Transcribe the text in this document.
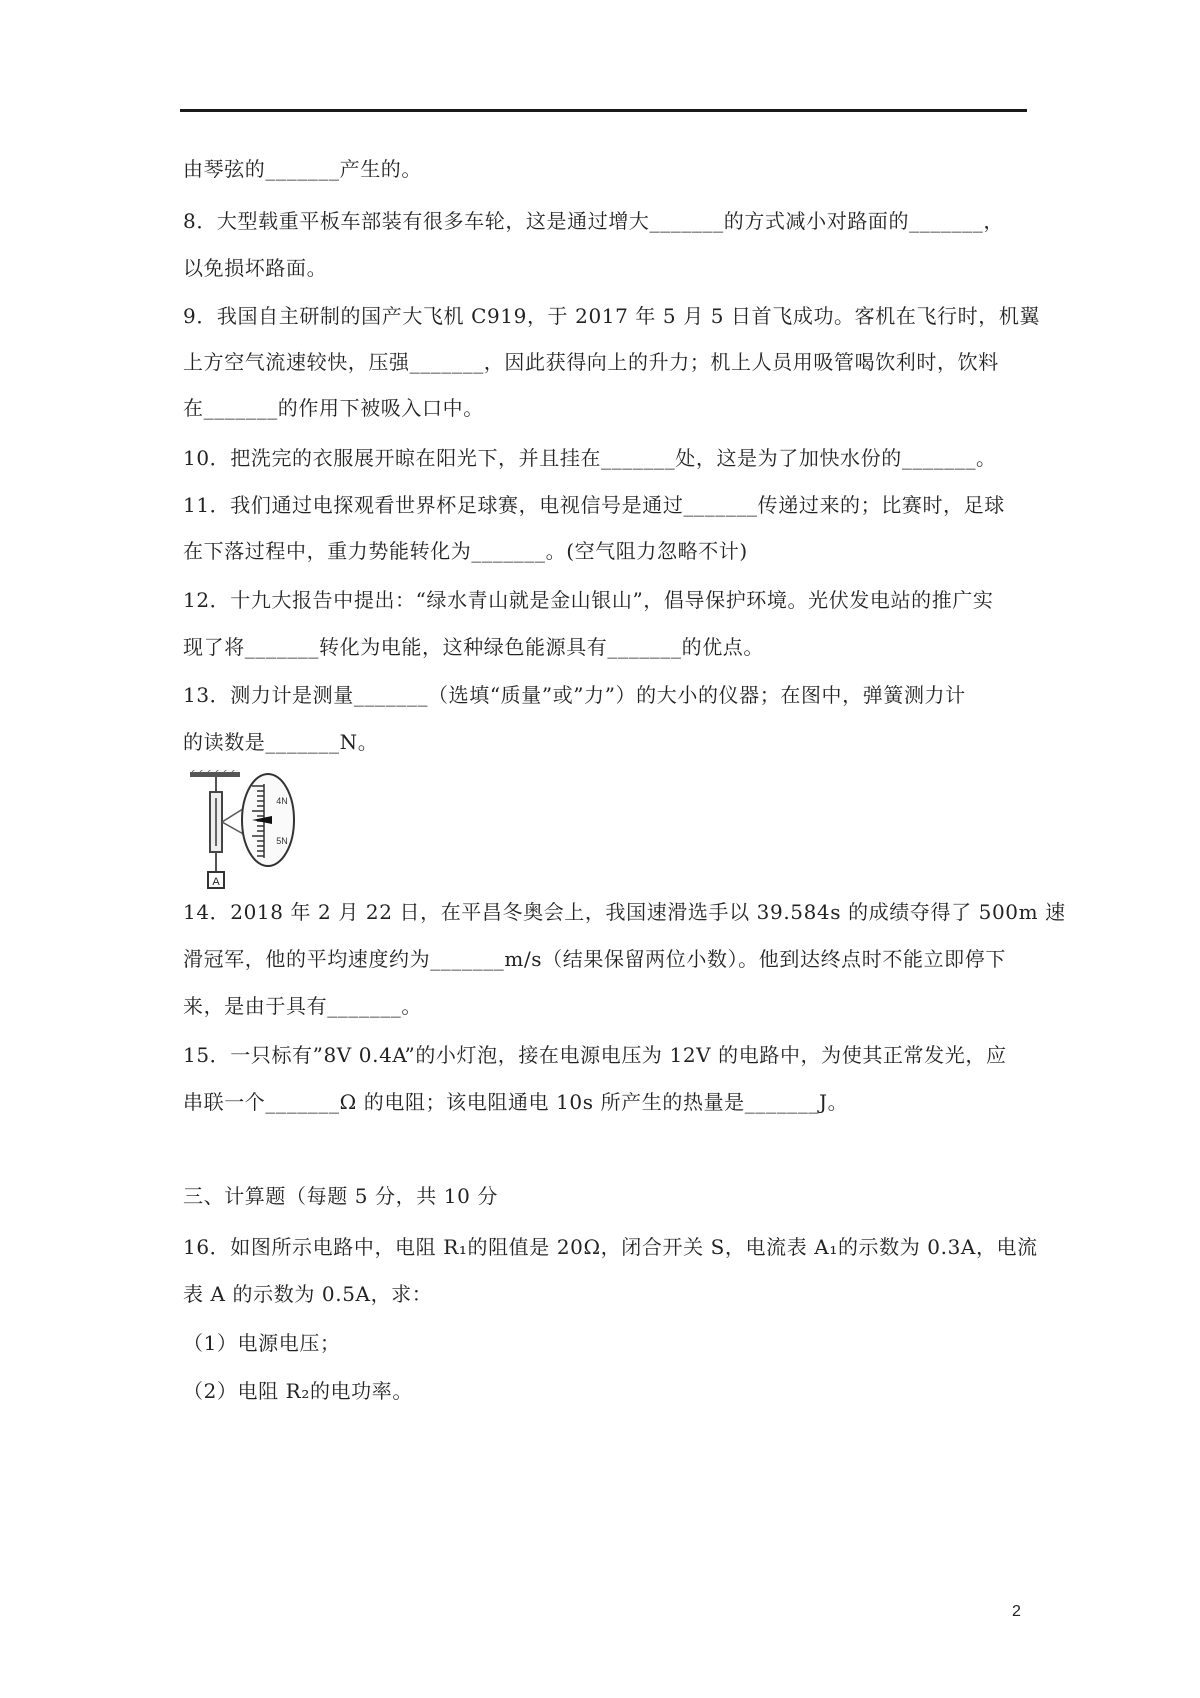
由琴弦的_______产生的。
8．大型载重平板车部装有很多车轮，这是通过增大_______的方式减小对路面的_______，
以免损坏路面。
9．我国自主研制的国产大飞机 C919，于 2017 年 5 月 5 日首飞成功。客机在飞行时，机翼
上方空气流速较快，压强_______，因此获得向上的升力；机上人员用吸管喝饮利时，饮料
在_______的作用下被吸入口中。
10．把洗完的衣服展开晾在阳光下，并且挂在_______处，这是为了加快水份的_______。
11．我们通过电探观看世界杯足球赛，电视信号是通过_______传递过来的；比赛时，足球
在下落过程中，重力势能转化为_______。(空气阻力忽略不计)
12．十九大报告中提出：“绿水青山就是金山银山”，倡导保护环境。光伏发电站的推广实
现了将_______转化为电能，这种绿色能源具有_______的优点。
13．测力计是测量_______（选填“质量”或”力”）的大小的仪器；在图中，弹簧测力计
的读数是_______N。
A
4N
5N
14．2018 年 2 月 22 日，在平昌冬奥会上，我国速滑选手以 39.584s 的成绩夺得了 500m 速
滑冠军，他的平均速度约为_______m/s（结果保留两位小数）。他到达终点时不能立即停下
来，是由于具有_______。
15．一只标有”8V 0.4A”的小灯泡，接在电源电压为 12V 的电路中，为使其正常发光，应
串联一个_______Ω 的电阻；该电阻通电 10s 所产生的热量是_______J。
三、计算题（每题 5 分，共 10 分
16．如图所示电路中，电阻 R₁的阻值是 20Ω，闭合开关 S，电流表 A₁的示数为 0.3A，电流
表 A 的示数为 0.5A，求：
（1）电源电压；
（2）电阻 R₂的电功率。
2
